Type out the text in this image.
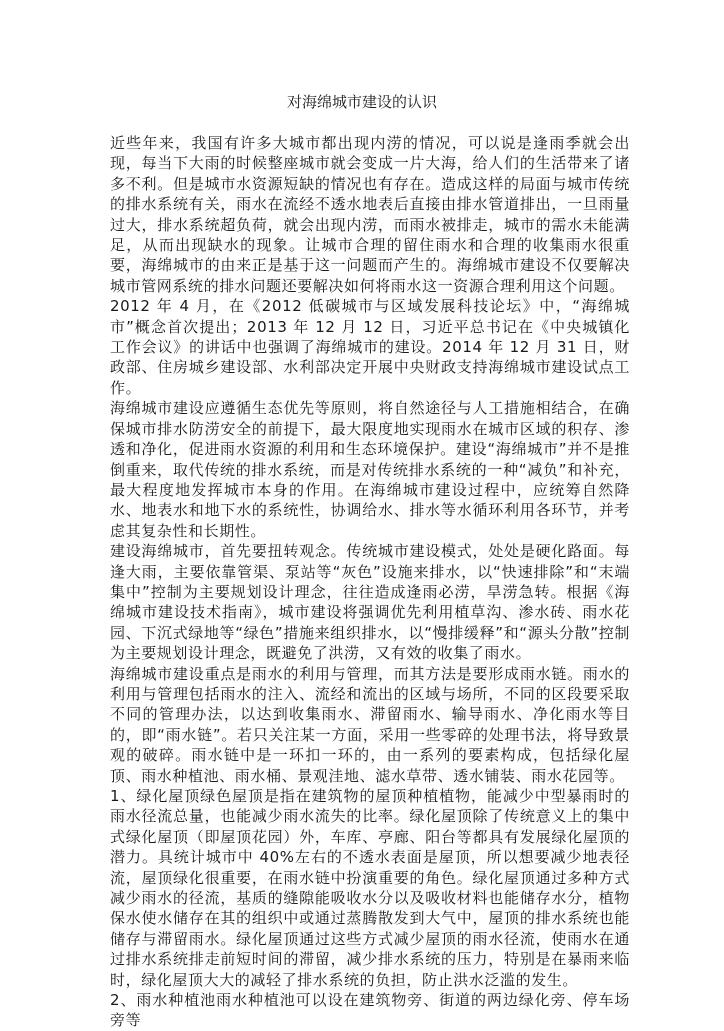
对海绵城市建设的认识

近些年来，我国有许多大城市都出现内涝的情况，可以说是逢雨季就会出现，每当下大雨的时候整座城市就会变成一片大海，给人们的生活带来了诸多不利。但是城市水资源短缺的情况也有存在。造成这样的局面与城市传统的排水系统有关，雨水在流经不透水地表后直接由排水管道排出，一旦雨量过大，排水系统超负荷，就会出现内涝，而雨水被排走，城市的需水未能满足，从而出现缺水的现象。让城市合理的留住雨水和合理的收集雨水很重要，海绵城市的由来正是基于这一问题而产生的。海绵城市建设不仅要解决城市管网系统的排水问题还要解决如何将雨水这一资源合理利用这个问题。

2012 年 4 月，在《2012 低碳城市与区域发展科技论坛》中，“海绵城市”概念首次提出；2013 年 12 月 12 日，习近平总书记在《中央城镇化工作会议》的讲话中也强调了海绵城市的建设。2014 年 12 月 31 日，财政部、住房城乡建设部、水利部决定开展中央财政支持海绵城市建设试点工作。

海绵城市建设应遵循生态优先等原则，将自然途径与人工措施相结合，在确保城市排水防涝安全的前提下，最大限度地实现雨水在城市区域的积存、渗透和净化，促进雨水资源的利用和生态环境保护。建设“海绵城市”并不是推倒重来，取代传统的排水系统，而是对传统排水系统的一种“减负”和补充，最大程度地发挥城市本身的作用。在海绵城市建设过程中，应统筹自然降水、地表水和地下水的系统性，协调给水、排水等水循环利用各环节，并考虑其复杂性和长期性。

建设海绵城市，首先要扭转观念。传统城市建设模式，处处是硬化路面。每逢大雨，主要依靠管渠、泵站等“灰色”设施来排水，以“快速排除”和“末端集中”控制为主要规划设计理念，往往造成逢雨必涝，旱涝急转。根据《海绵城市建设技术指南》，城市建设将强调优先利用植草沟、渗水砖、雨水花园、下沉式绿地等“绿色”措施来组织排水，以“慢排缓释”和“源头分散”控制为主要规划设计理念，既避免了洪涝，又有效的收集了雨水。

海绵城市建设重点是雨水的利用与管理，而其方法是要形成雨水链。雨水的利用与管理包括雨水的注入、流经和流出的区域与场所，不同的区段要采取不同的管理办法，以达到收集雨水、滞留雨水、输导雨水、净化雨水等目的，即“雨水链”。若只关注某一方面，采用一些零碎的处理书法，将导致景观的破碎。雨水链中是一环扣一环的，由一系列的要素构成，包括绿化屋顶、雨水种植池、雨水桶、景观洼地、滤水草带、透水铺装、雨水花园等。

1、绿化屋顶绿色屋顶是指在建筑物的屋顶种植植物，能减少中型暴雨时的雨水径流总量，也能减少雨水流失的比率。绿化屋顶除了传统意义上的集中式绿化屋顶（即屋顶花园）外，车库、亭廊、阳台等都具有发展绿化屋顶的潜力。具统计城市中 40%左右的不透水表面是屋顶，所以想要减少地表径流，屋顶绿化很重要，在雨水链中扮演重要的角色。绿化屋顶通过多种方式减少雨水的径流，基质的缝隙能吸收水分以及吸收材料也能储存水分，植物保水使水储存在其的组织中或通过蒸腾散发到大气中，屋顶的排水系统也能储存与滞留雨水。绿化屋顶通过这些方式减少屋顶的雨水径流，使雨水在通过排水系统排走前短时间的滞留，减少排水系统的压力，特别是在暴雨来临时，绿化屋顶大大的减轻了排水系统的负担，防止洪水泛滥的发生。

2、雨水种植池雨水种植池可以设在建筑物旁、街道的两边绿化旁、停车场旁等
